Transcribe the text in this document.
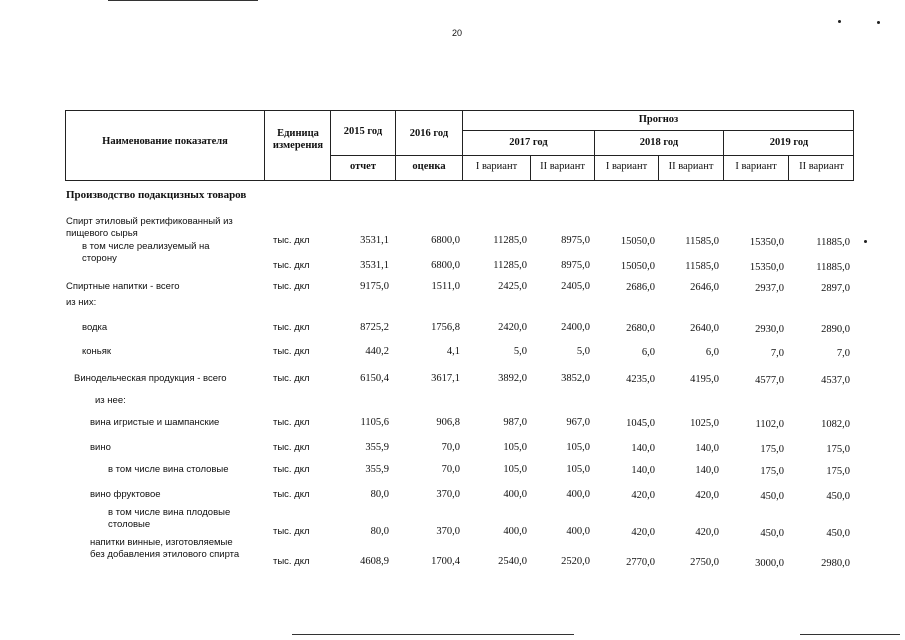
20
Наименование показателя
Единица измерения
2015 год	2016 год
Прогноз
2017 год	2018 год	2019 год
отчет	оценка	I вариант	II вариант	I вариант	II вариант	I вариант	II вариант
Производство подакцизных товаров
Спирт этиловый ректификованный из
пищевого сырья
тыс. дкл	3531,1	6800,0	11285,0	8975,0	15050,0	11585,0	15350,0	11885,0
в том числе реализуемый на
сторону
тыс. дкл	3531,1	6800,0	11285,0	8975,0	15050,0	11585,0	15350,0	11885,0
Спиртные напитки - всего	тыс. дкл	9175,0	1511,0	2425,0	2405,0	2686,0	2646,0	2937,0	2897,0
из них:
водка	тыс. дкл	8725,2	1756,8	2420,0	2400,0	2680,0	2640,0	2930,0	2890,0
коньяк	тыс. дкл	440,2	4,1	5,0	5,0	6,0	6,0	7,0	7,0
Винодельческая продукция - всего	тыс. дкл	6150,4	3617,1	3892,0	3852,0	4235,0	4195,0	4577,0	4537,0
из нее:
вина игристые и шампанские	тыс. дкл	1105,6	906,8	987,0	967,0	1045,0	1025,0	1102,0	1082,0
вино	тыс. дкл	355,9	70,0	105,0	105,0	140,0	140,0	175,0	175,0
в том числе вина столовые	тыс. дкл	355,9	70,0	105,0	105,0	140,0	140,0	175,0	175,0
вино фруктовое	тыс. дкл	80,0	370,0	400,0	400,0	420,0	420,0	450,0	450,0
в том числе вина плодовые
столовые
тыс. дкл	80,0	370,0	400,0	400,0	420,0	420,0	450,0	450,0
напитки винные, изготовляемые
без добавления этилового спирта
тыс. дкл	4608,9	1700,4	2540,0	2520,0	2770,0	2750,0	3000,0	2980,0
